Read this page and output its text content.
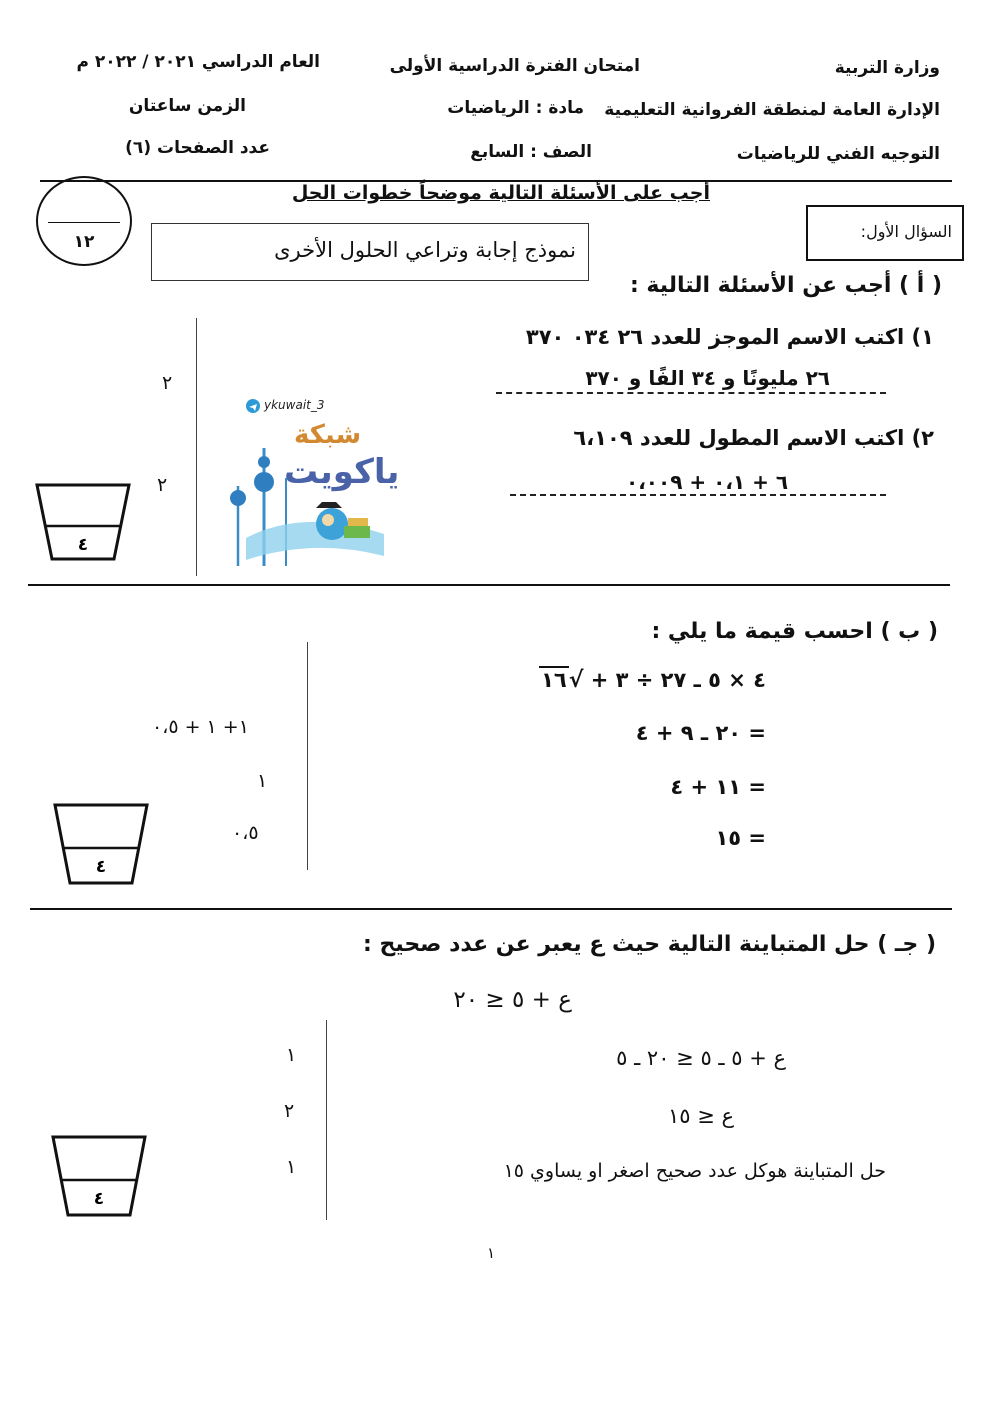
وزارة التربية
الإدارة العامة لمنطقة الفروانية التعليمية
التوجيه الفني للرياضيات
امتحان الفترة الدراسية الأولى
مادة : الرياضيات
الصف : السابع
العام الدراسي ٢٠٢١ / ٢٠٢٢ م
الزمن ساعتان
عدد الصفحات (٦)
أجب على الأسئلة التالية موضحاً خطوات الحل
١٢	نموذج إجابة وتراعي الحلول الأخرى
السؤال الأول:
( أ ) أجب عن الأسئلة التالية :
١) اكتب الاسم الموجز للعدد ٢٦ ٠٣٤ ٣٧٠
٢٦ مليونًا و ٣٤ الفًا و ٣٧٠
٢
٢) اكتب الاسم المطول للعدد ٦،١٠٩
٦ + ٠،١ + ٠،٠٠٩
٢
٤
ykuwait_3
شبكة
ياكويت
( ب ) احسب قيمة ما يلي :
٤ × ٥ ـ ٢٧ ÷ ٣ + √١٦
= ٢٠ ـ ٩ + ٤
= ١١ + ٤
= ١٥
١+ ١ + ٠،٥
١
٠،٥
٤
( جـ ) حل المتباينة التالية حيث ع يعبر عن عدد صحيح :
ع + ٥ ≤ ٢٠
ع + ٥ ـ ٥ ≤ ٢٠ ـ ٥
ع ≤ ١٥
حل المتباينة هوكل عدد صحيح اصغر او يساوي ١٥
١
٢
١
٤
١
